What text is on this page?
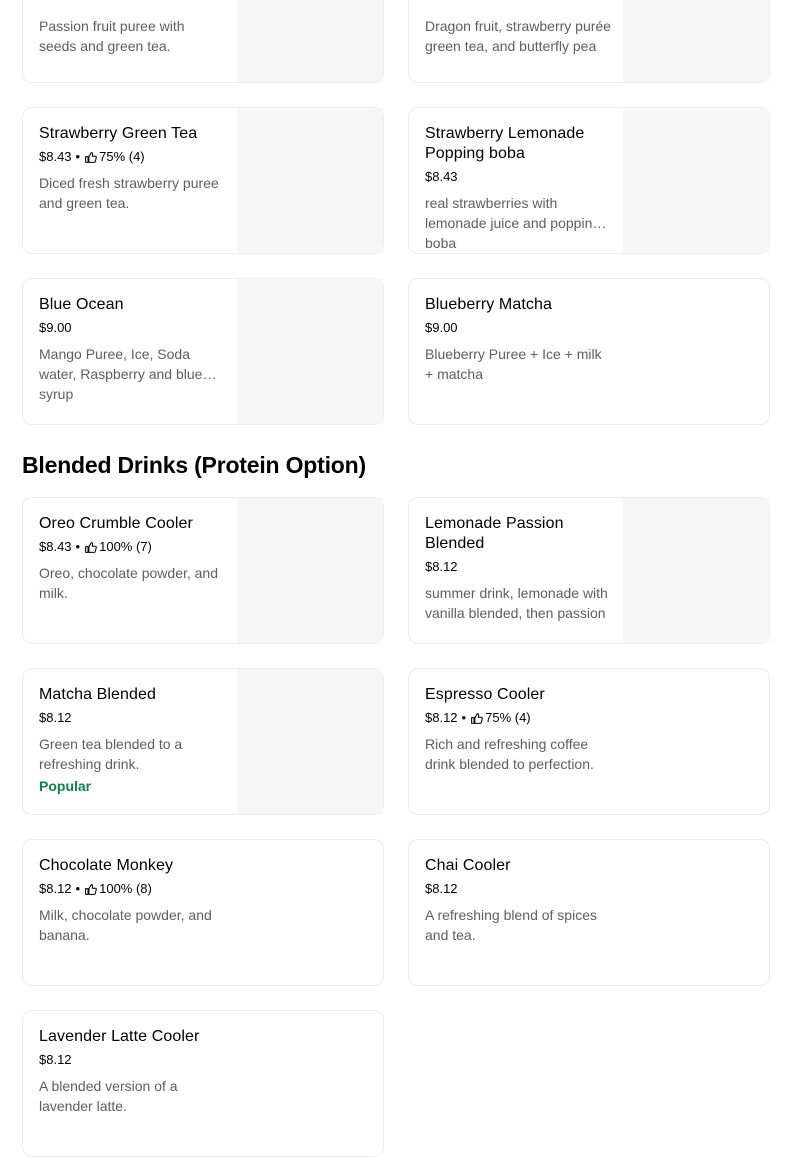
Passion fruit puree with seeds and green tea.
Dragon fruit, strawberry purée green tea, and butterfly pea
Strawberry Green Tea
$8.43 • 75% (4)
Diced fresh strawberry puree and green tea.
Strawberry Lemonade Popping boba
$8.43
real strawberries with lemonade juice and popping boba
Blue Ocean
$9.00
Mango Puree, Ice, Soda water, Raspberry and blue syrup
Blueberry Matcha
$9.00
Blueberry Puree + Ice + milk + matcha
Blended Drinks (Protein Option)
Oreo Crumble Cooler
$8.43 • 100% (7)
Oreo, chocolate powder, and milk.
Lemonade Passion Blended
$8.12
summer drink, lemonade with vanilla blended, then passion
Matcha Blended
$8.12
Green tea blended to a refreshing drink.
Popular
Espresso Cooler
$8.12 • 75% (4)
Rich and refreshing coffee drink blended to perfection.
Chocolate Monkey
$8.12 • 100% (8)
Milk, chocolate powder, and banana.
Chai Cooler
$8.12
A refreshing blend of spices and tea.
Lavender Latte Cooler
$8.12
A blended version of a lavender latte.
